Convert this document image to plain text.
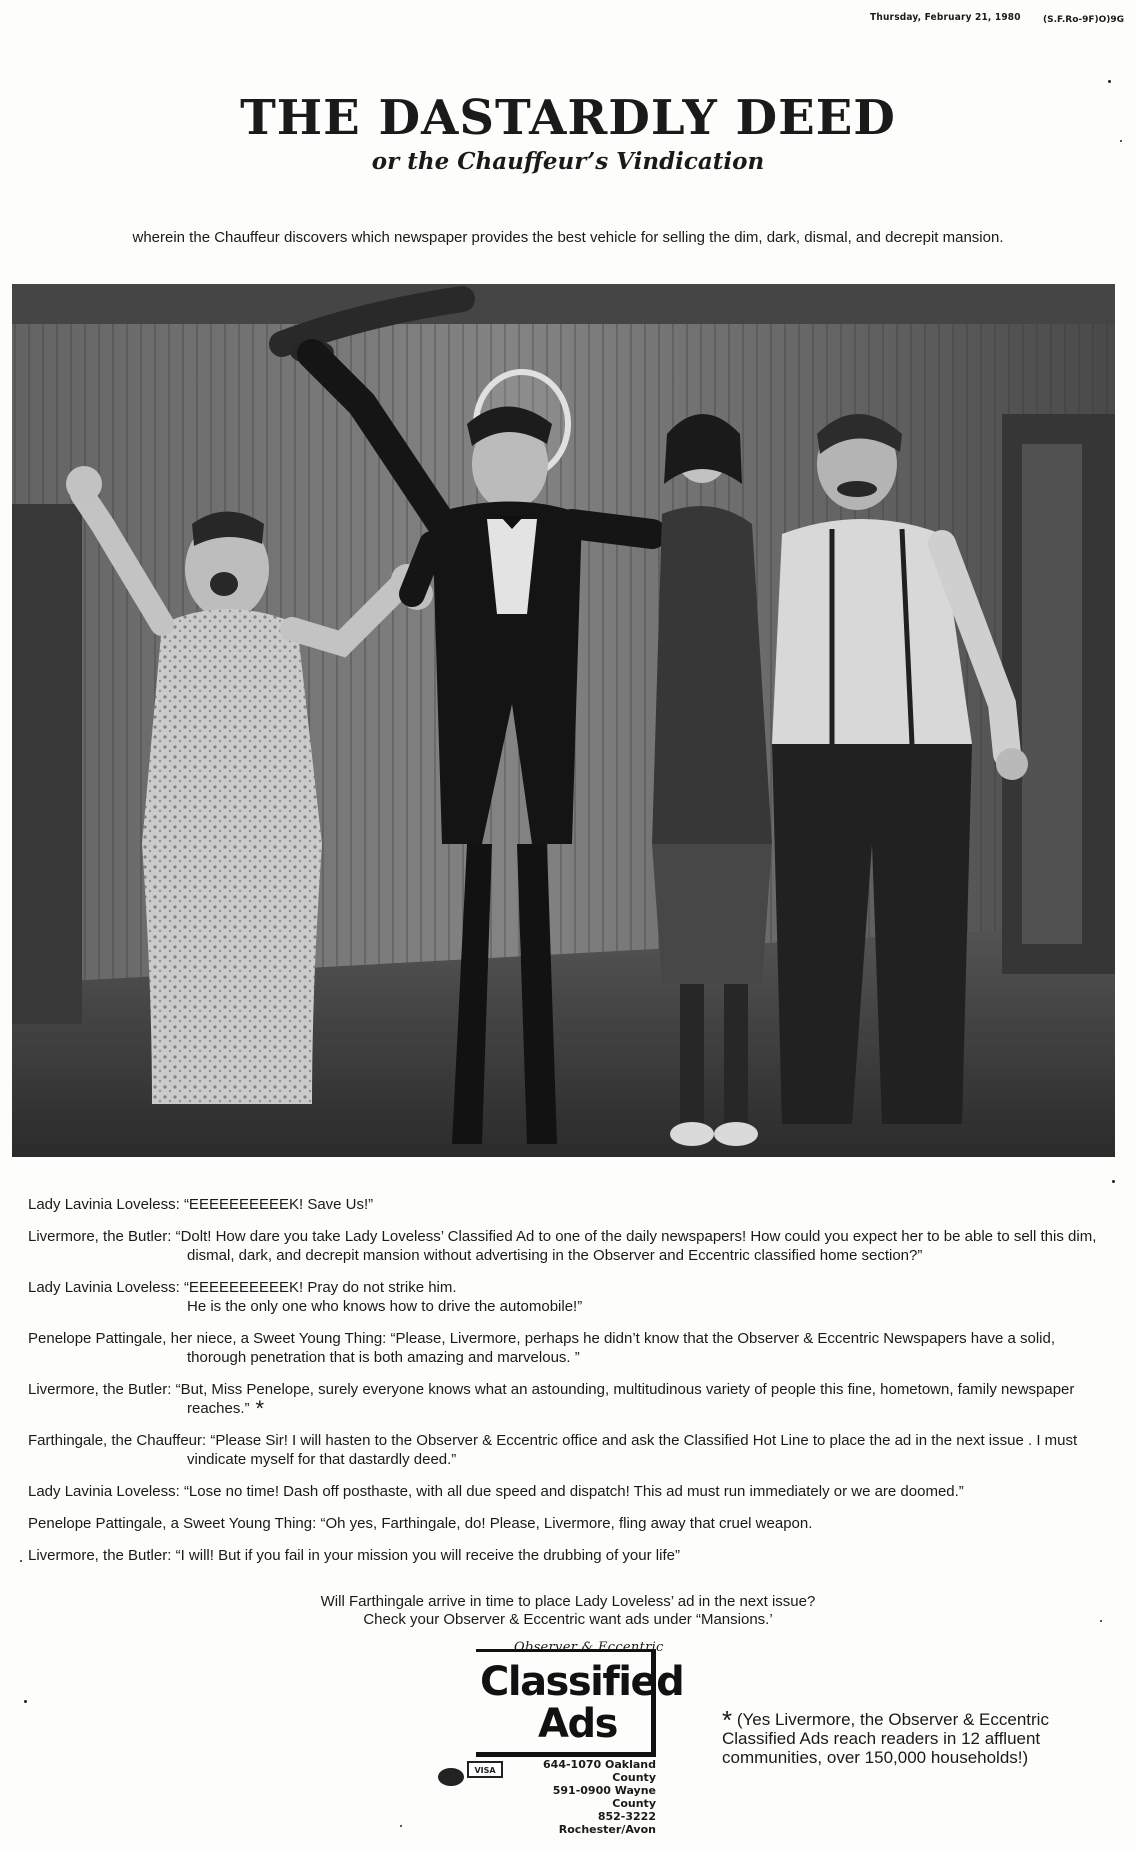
Thursday, February 21, 1980 (S.F.Ro-9F)O)9G
THE DASTARDLY DEED
or the Chauffeur’s Vindication
wherein the Chauffeur discovers which newspaper provides the best vehicle for selling the dim, dark, dismal, and decrepit mansion.
Lady Lavinia Loveless: “EEEEEEEEEEK! Save Us!”
Livermore, the Butler: “Dolt! How dare you take Lady Loveless’ Classified Ad to one of the daily newspapers! How could you expect her to be able to sell this dim,
dismal, dark, and decrepit mansion without advertising in the Observer and Eccentric classified home section?”
Lady Lavinia Loveless: “EEEEEEEEEEK! Pray do not strike him.
He is the only one who knows how to drive the automobile!”
Penelope Pattingale, her niece, a Sweet Young Thing: “Please, Livermore, perhaps he didn’t know that the Observer & Eccentric Newspapers have a solid,
thorough penetration that is both amazing and marvelous. ”
Livermore, the Butler: “But, Miss Penelope, surely everyone knows what an astounding, multitudinous variety of people this fine, hometown, family newspaper
reaches.” *
Farthingale, the Chauffeur: “Please Sir! I will hasten to the Observer & Eccentric office and ask the Classified Hot Line to place the ad in the next issue . I must
vindicate myself for that dastardly deed.”
Lady Lavinia Loveless: “Lose no time! Dash off posthaste, with all due speed and dispatch! This ad must run immediately or we are doomed.”
Penelope Pattingale, a Sweet Young Thing: “Oh yes, Farthingale, do! Please, Livermore, fling away that cruel weapon.
Livermore, the Butler: “I will! But if you fail in your mission you will receive the drubbing of your life”
Will Farthingale arrive in time to place Lady Loveless’ ad in the next issue?
Check your Observer & Eccentric want ads under “Mansions.’
Observer & Eccentric
Classified
Ads
VISA	644-1070 Oakland County
591-0900 Wayne County
852-3222 Rochester/Avon
* (Yes Livermore, the Observer & Eccentric Classified Ads reach readers in 12 affluent communities, over 150,000 households!)
